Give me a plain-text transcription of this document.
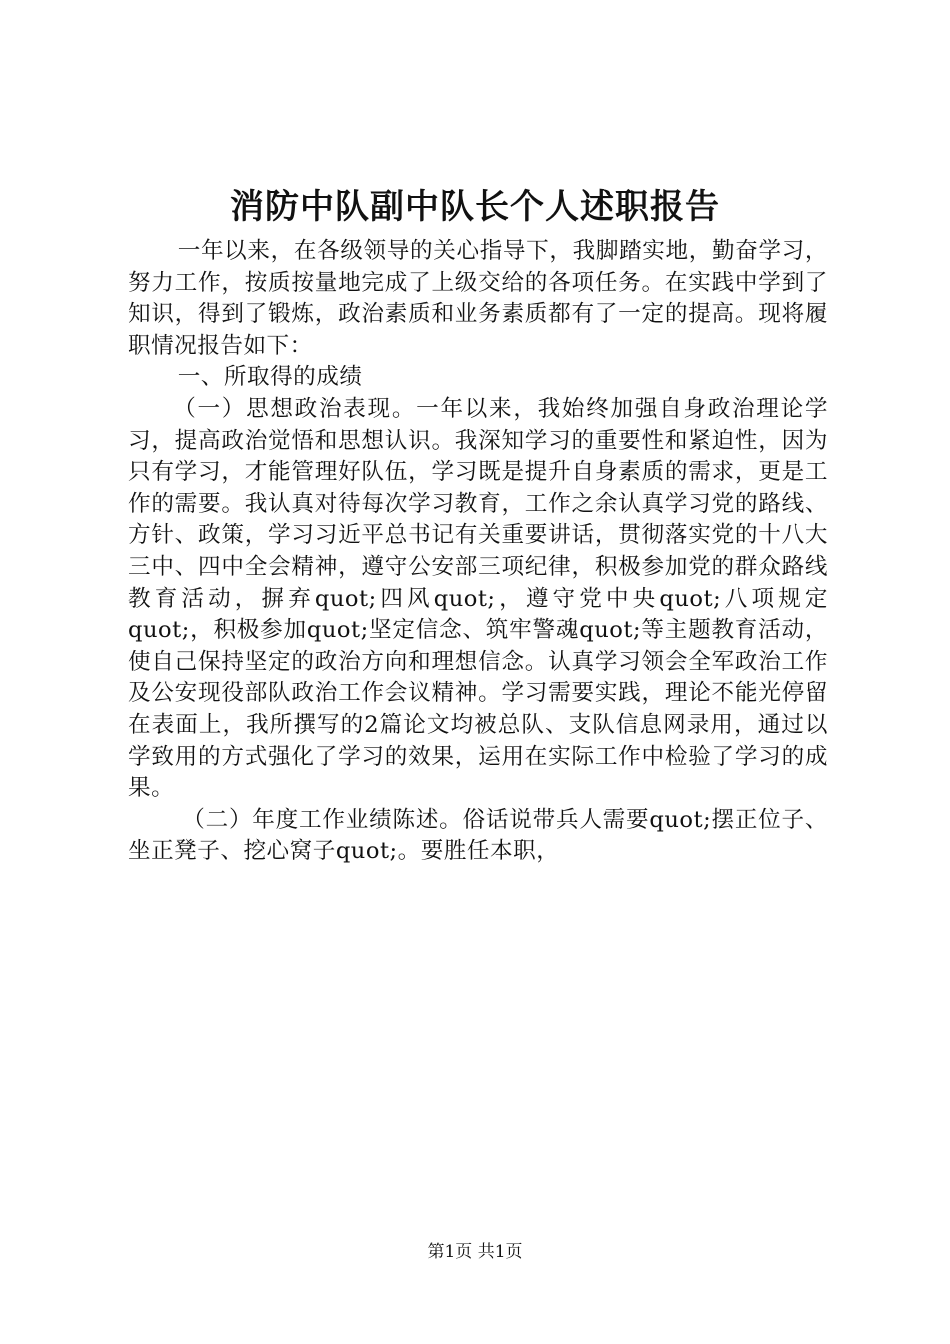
消防中队副中队长个人述职报告

一年以来，在各级领导的关心指导下，我脚踏实地，勤奋学习，努力工作，按质按量地完成了上级交给的各项任务。在实践中学到了知识，得到了锻炼，政治素质和业务素质都有了一定的提高。现将履职情况报告如下：

一、所取得的成绩

（一）思想政治表现。一年以来，我始终加强自身政治理论学习，提高政治觉悟和思想认识。我深知学习的重要性和紧迫性，因为只有学习，才能管理好队伍，学习既是提升自身素质的需求，更是工作的需要。我认真对待每次学习教育，工作之余认真学习党的路线、方针、政策，学习习近平总书记有关重要讲话，贯彻落实党的十八大三中、四中全会精神，遵守公安部三项纪律，积极参加党的群众路线教育活动，摒弃quot;四风quot;，遵守党中央quot;八项规定quot;，积极参加quot;坚定信念、筑牢警魂quot;等主题教育活动，使自己保持坚定的政治方向和理想信念。认真学习领会全军政治工作及公安现役部队政治工作会议精神。学习需要实践，理论不能光停留在表面上，我所撰写的2篇论文均被总队、支队信息网录用，通过以学致用的方式强化了学习的效果，运用在实际工作中检验了学习的成果。

（二）年度工作业绩陈述。俗话说带兵人需要quot;摆正位子、坐正凳子、挖心窝子quot;。要胜任本职，

第1页 共1页
